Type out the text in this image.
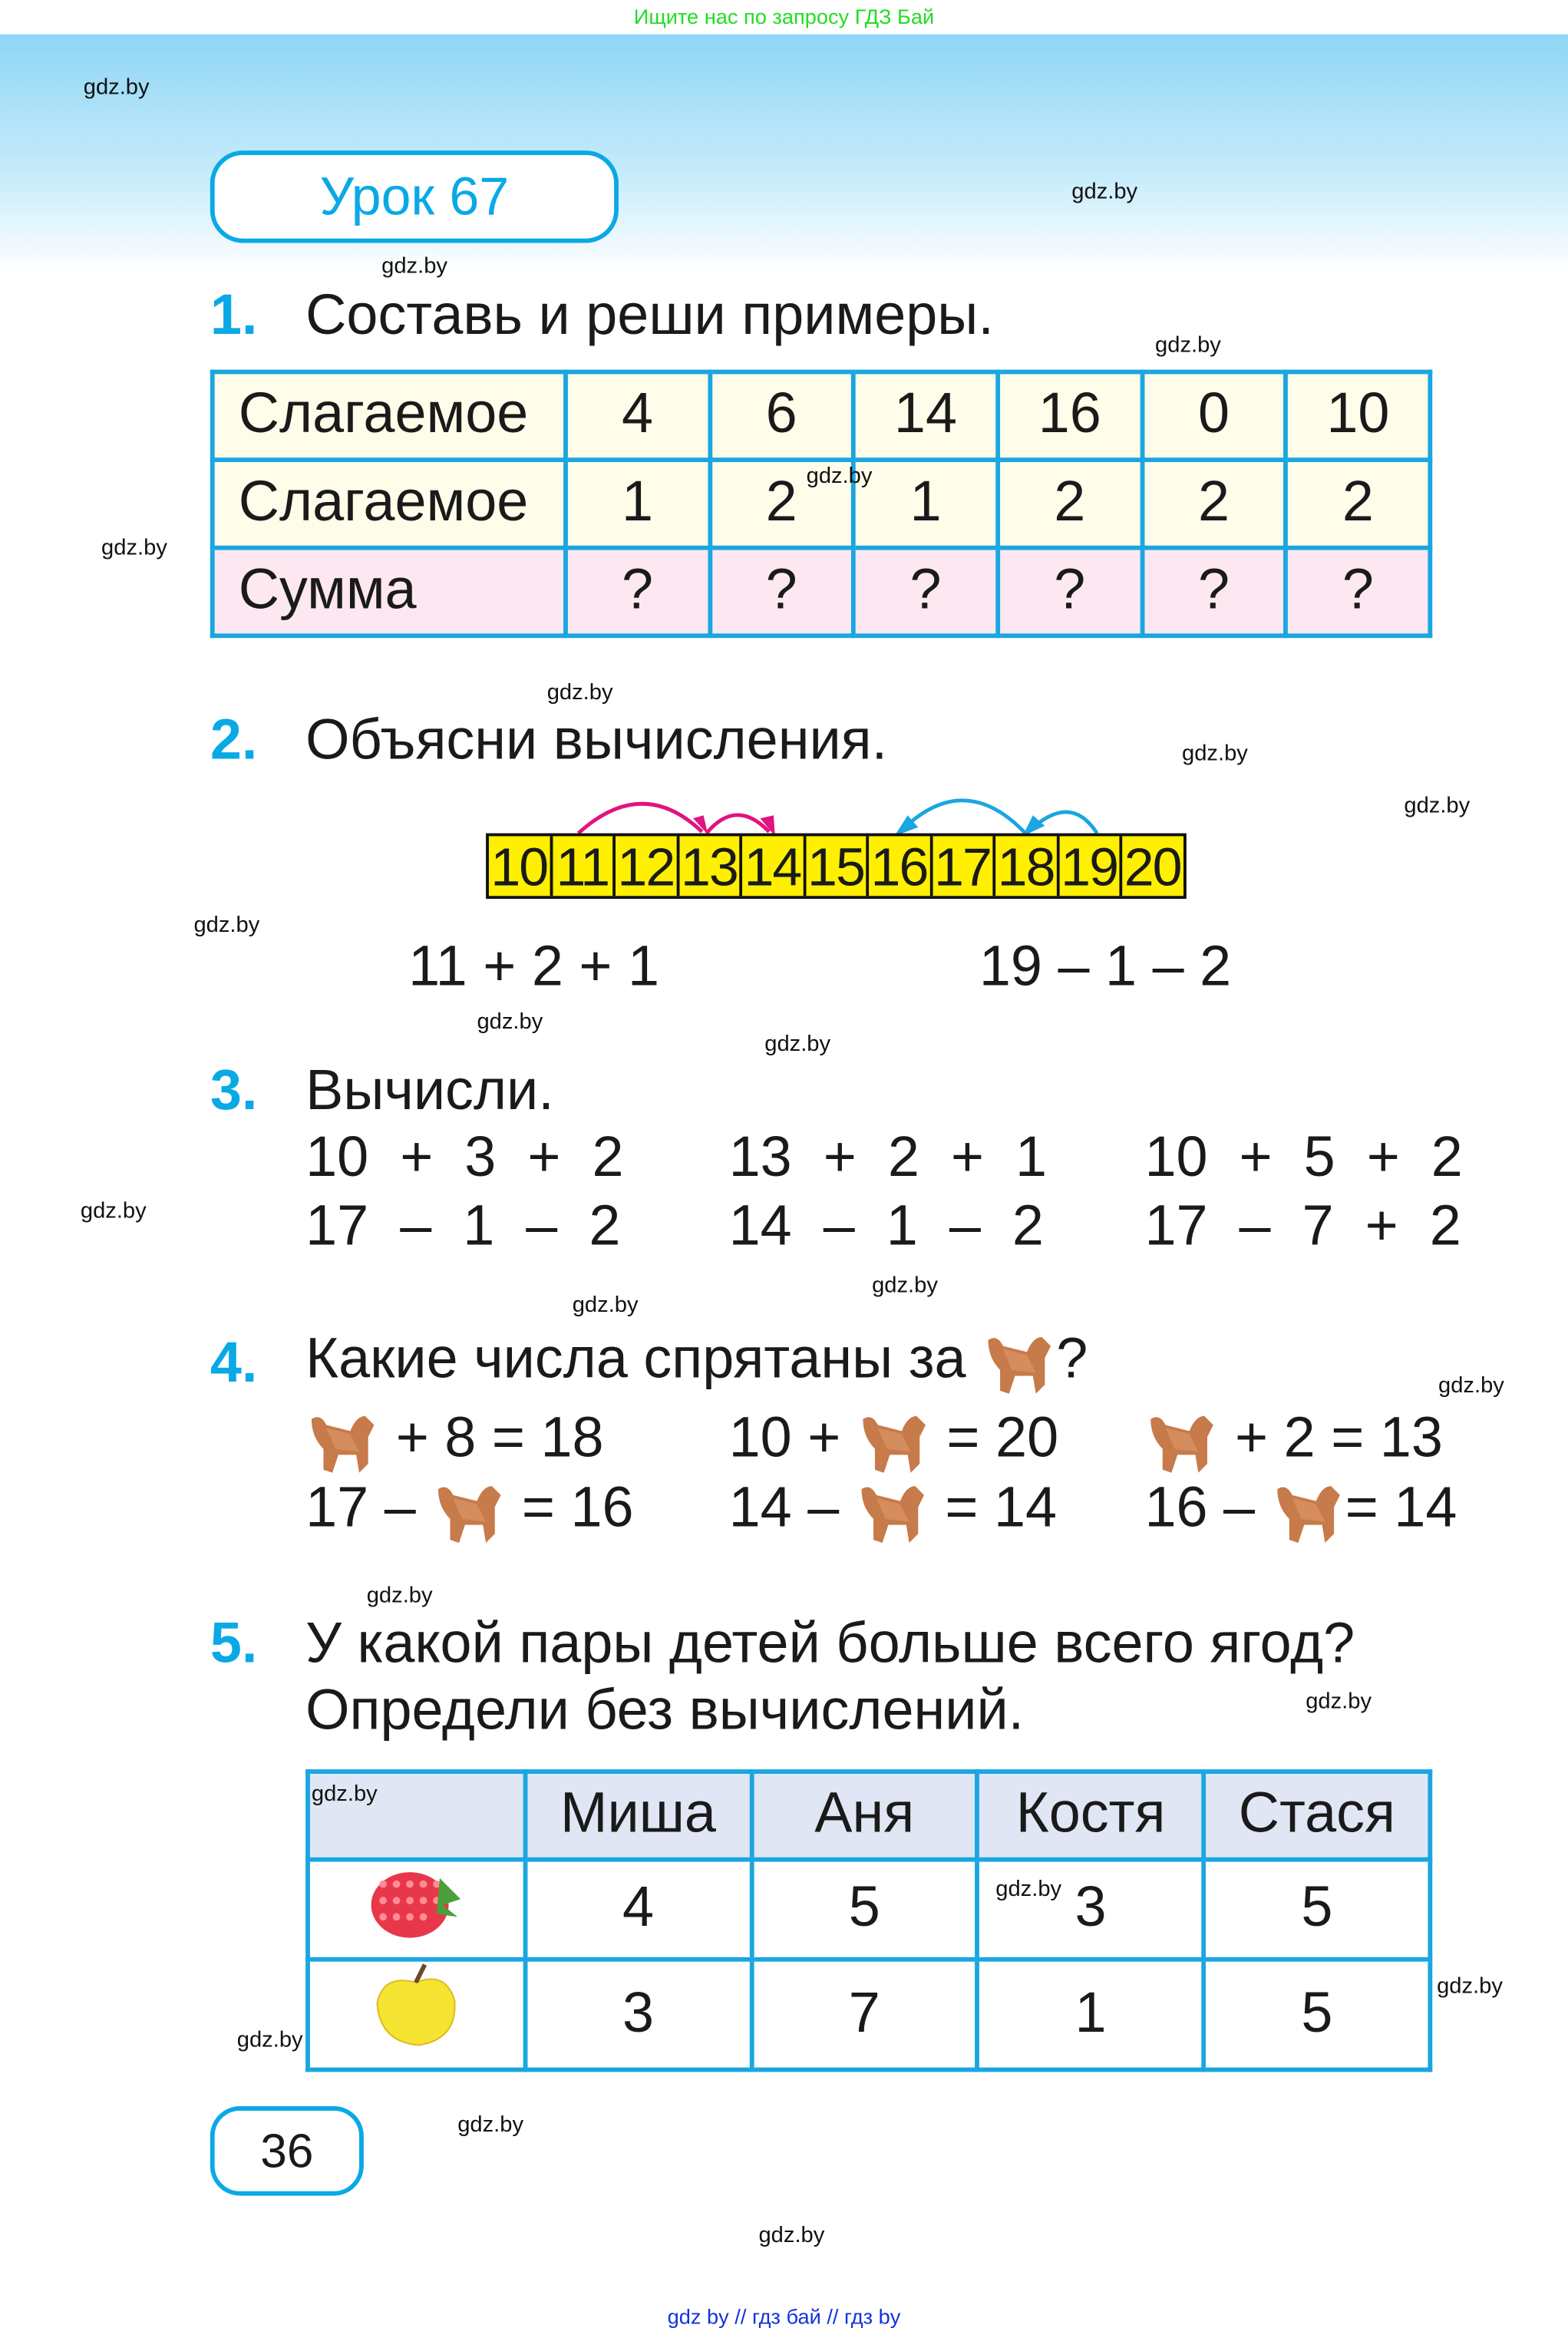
Ищите нас по запросу ГДЗ Бай
Урок 67
1. Составь и реши примеры.
Слагаемое	4	6	14	16	0	10
Слагаемое	1	2	1	2	2	2
Сумма	?	?	?	?	?	?
2. Объясни вычисления.
10 11 12 13 14 15 16 17 18 19 20
11 + 2 + 1	19 – 1 – 2
3. Вычисли.
10  +  3  +  2
17  –  1  –  2
13  +  2  +  1
14  –  1  –  2
10  +  5  +  2
17  –  7  +  2
4. Какие числа спрятаны за	?
+ 8 = 18
17 –	= 16
10 +	= 20
14 –	= 14
+ 2 = 13
16 –	= 14
5. У какой пары детей больше всего ягод?
Определи без вычислений.
	Миша	Аня	Костя	Стася
	4	5	3	5
	3	7	1	5
36
gdz by // гдз бай // гдз by
gdz.by
gdz.by
gdz.by
gdz.by
gdz.by
gdz.by
gdz.by
gdz.by
gdz.by
gdz.by
gdz.by
gdz.by
gdz.by
gdz.by
gdz.by
gdz.by
gdz.by
gdz.by
gdz.by
gdz.by
gdz.by
gdz.by
gdz.by
gdz.by
